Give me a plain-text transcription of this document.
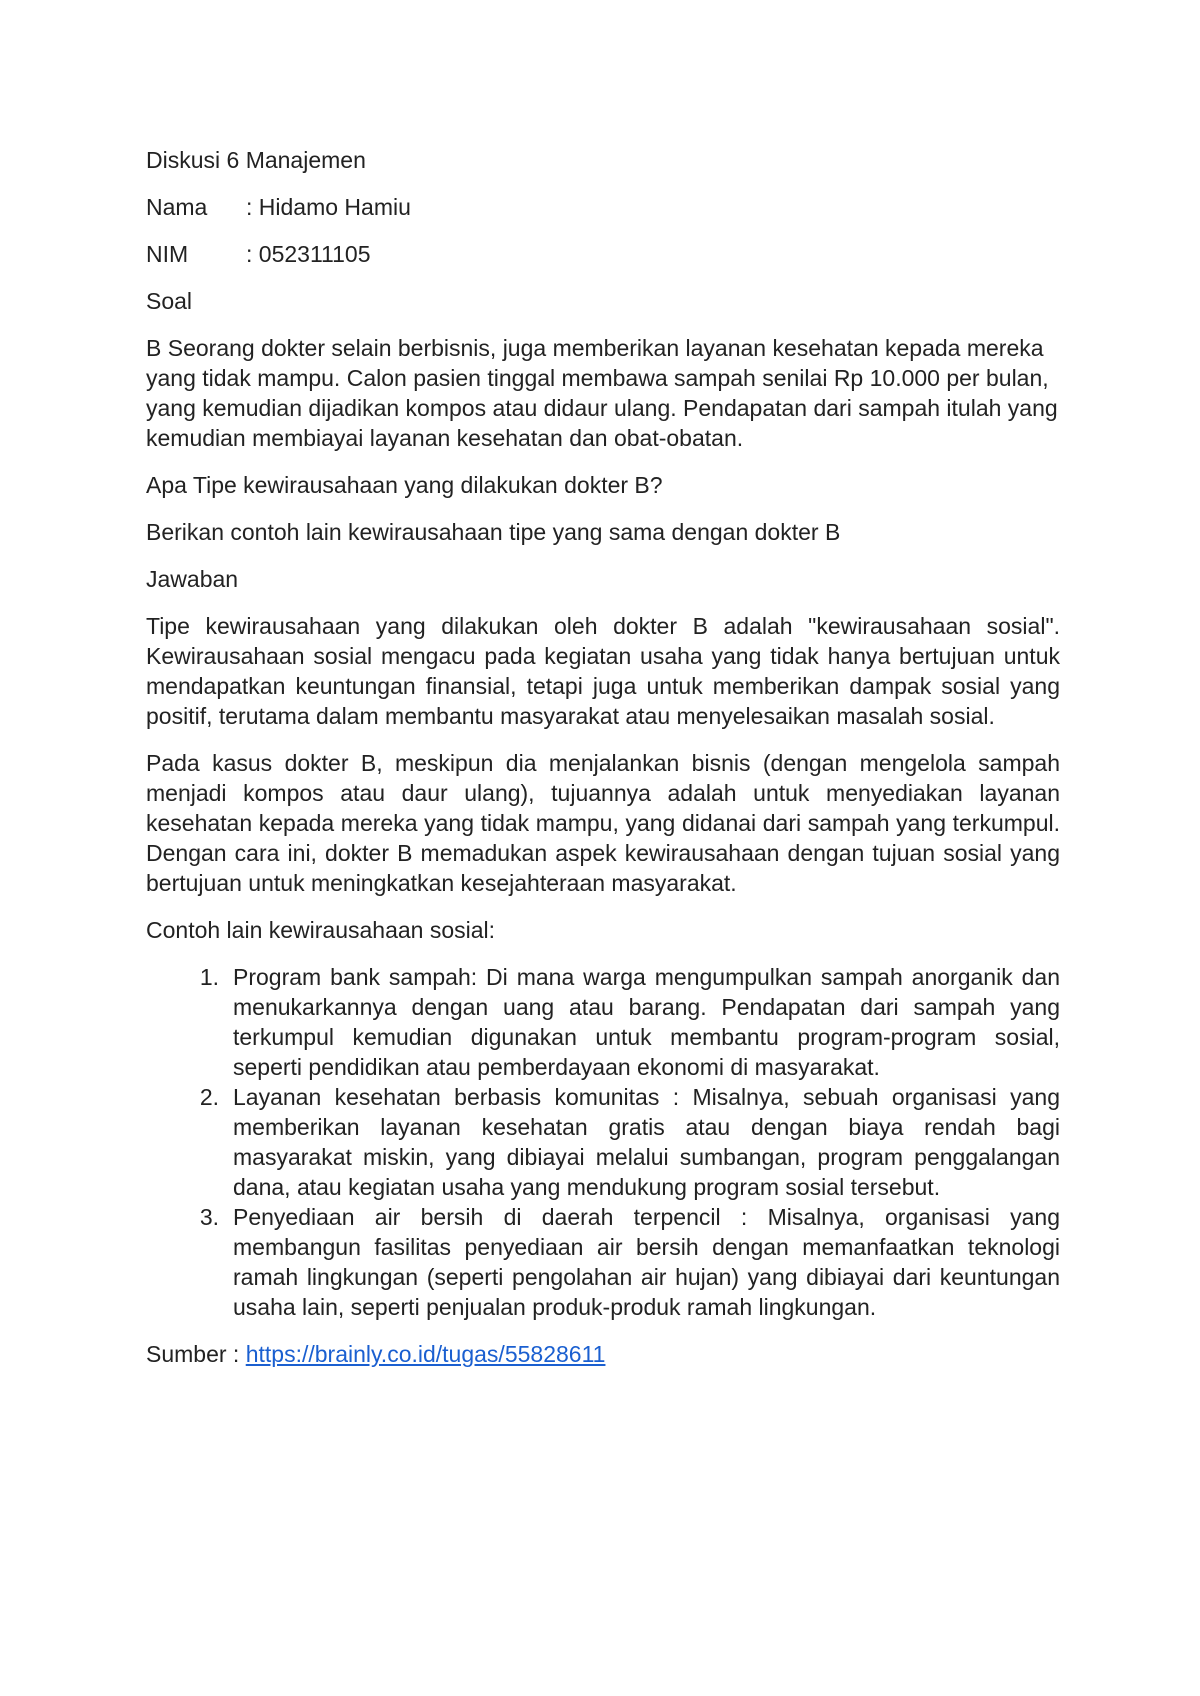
Diskusi 6 Manajemen

Nama	: Hidamo Hamiu
NIM	: 052311105

Soal

B Seorang dokter selain berbisnis, juga memberikan layanan kesehatan kepada mereka yang tidak mampu. Calon pasien tinggal membawa sampah senilai Rp 10.000 per bulan, yang kemudian dijadikan kompos atau didaur ulang. Pendapatan dari sampah itulah yang kemudian membiayai layanan kesehatan dan obat-obatan.

Apa Tipe kewirausahaan yang dilakukan dokter B?

Berikan contoh lain kewirausahaan tipe yang sama dengan dokter B

Jawaban

Tipe kewirausahaan yang dilakukan oleh dokter B adalah "kewirausahaan sosial". Kewirausahaan sosial mengacu pada kegiatan usaha yang tidak hanya bertujuan untuk mendapatkan keuntungan finansial, tetapi juga untuk memberikan dampak sosial yang positif, terutama dalam membantu masyarakat atau menyelesaikan masalah sosial.

Pada kasus dokter B, meskipun dia menjalankan bisnis (dengan mengelola sampah menjadi kompos atau daur ulang), tujuannya adalah untuk menyediakan layanan kesehatan kepada mereka yang tidak mampu, yang didanai dari sampah yang terkumpul. Dengan cara ini, dokter B memadukan aspek kewirausahaan dengan tujuan sosial yang bertujuan untuk meningkatkan kesejahteraan masyarakat.

Contoh lain kewirausahaan sosial:

1. Program bank sampah: Di mana warga mengumpulkan sampah anorganik dan menukarkannya dengan uang atau barang. Pendapatan dari sampah yang terkumpul kemudian digunakan untuk membantu program-program sosial, seperti pendidikan atau pemberdayaan ekonomi di masyarakat.
2. Layanan kesehatan berbasis komunitas : Misalnya, sebuah organisasi yang memberikan layanan kesehatan gratis atau dengan biaya rendah bagi masyarakat miskin, yang dibiayai melalui sumbangan, program penggalangan dana, atau kegiatan usaha yang mendukung program sosial tersebut.
3. Penyediaan air bersih di daerah terpencil : Misalnya, organisasi yang membangun fasilitas penyediaan air bersih dengan memanfaatkan teknologi ramah lingkungan (seperti pengolahan air hujan) yang dibiayai dari keuntungan usaha lain, seperti penjualan produk-produk ramah lingkungan.

Sumber : https://brainly.co.id/tugas/55828611
